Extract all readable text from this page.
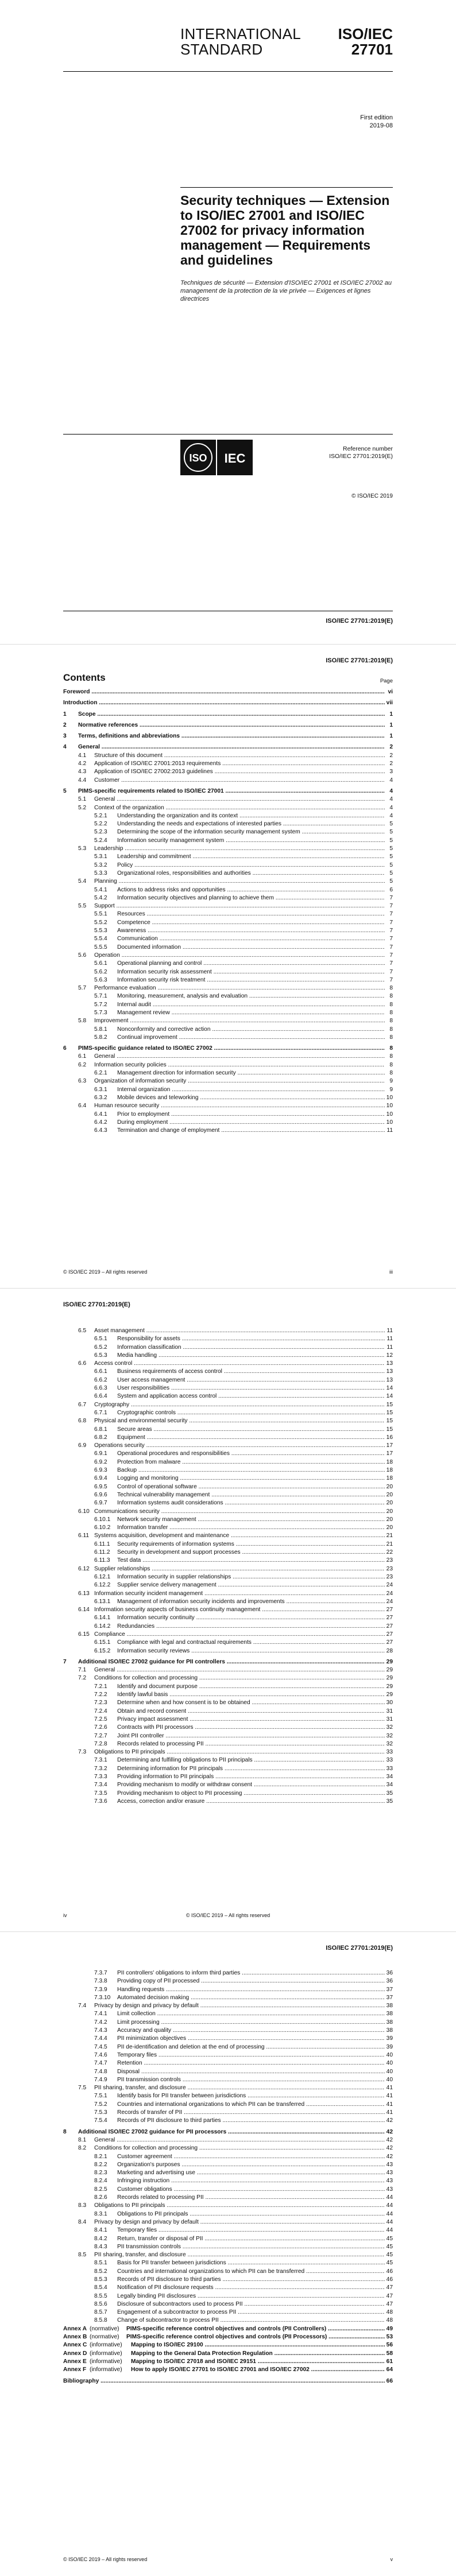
INTERNATIONAL
STANDARD
ISO/IEC
27701
First edition
2019-08
Security techniques — Extension to ISO/IEC 27001 and ISO/IEC 27002 for privacy information management — Requirements and guidelines
Techniques de sécurité — Extension d'ISO/IEC 27001 et ISO/IEC 27002 au management de la protection de la vie privée — Exigences et lignes directrices
ISO IEC
Reference number
ISO/IEC 27701:2019(E)
© ISO/IEC 2019
ISO/IEC 27701:2019(E)
ISO/IEC 27701:2019(E)
Contents	Page
Foreword .....	vi
Introduction .....	vii
1 Scope .....	1
2 Normative references .....	1
3 Terms, definitions and abbreviations .....	1
4 General .....	2
4.1 Structure of this document .....	2
4.2 Application of ISO/IEC 27001:2013 requirements .....	2
4.3 Application of ISO/IEC 27002:2013 guidelines .....	3
4.4 Customer .....	4
5 PIMS-specific requirements related to ISO/IEC 27001 .....	4
5.1 General .....	4
5.2 Context of the organization .....	4
5.2.1 Understanding the organization and its context .....	4
5.2.2 Understanding the needs and expectations of interested parties .....	5
5.2.3 Determining the scope of the information security management system .....	5
5.2.4 Information security management system .....	5
5.3 Leadership .....	5
5.3.1 Leadership and commitment .....	5
5.3.2 Policy .....	5
5.3.3 Organizational roles, responsibilities and authorities .....	5
5.4 Planning .....	5
5.4.1 Actions to address risks and opportunities .....	6
5.4.2 Information security objectives and planning to achieve them .....	7
5.5 Support .....	7
5.5.1 Resources .....	7
5.5.2 Competence .....	7
5.5.3 Awareness .....	7
5.5.4 Communication .....	7
5.5.5 Documented information .....	7
5.6 Operation .....	7
5.6.1 Operational planning and control .....	7
5.6.2 Information security risk assessment .....	7
5.6.3 Information security risk treatment .....	7
5.7 Performance evaluation .....	8
5.7.1 Monitoring, measurement, analysis and evaluation .....	8
5.7.2 Internal audit .....	8
5.7.3 Management review .....	8
5.8 Improvement .....	8
5.8.1 Nonconformity and corrective action .....	8
5.8.2 Continual improvement .....	8
6 PIMS-specific guidance related to ISO/IEC 27002 .....	8
6.1 General .....	8
6.2 Information security policies .....	8
6.2.1 Management direction for information security .....	8
6.3 Organization of information security .....	9
6.3.1 Internal organization .....	9
6.3.2 Mobile devices and teleworking .....	10
6.4 Human resource security .....	10
6.4.1 Prior to employment .....	10
6.4.2 During employment .....	10
6.4.3 Termination and change of employment .....	11
© ISO/IEC 2019 – All rights reserved	iii
ISO/IEC 27701:2019(E)
6.5 Asset management .....	11
6.5.1 Responsibility for assets .....	11
6.5.2 Information classification .....	11
6.5.3 Media handling .....	12
6.6 Access control .....	13
6.6.1 Business requirements of access control .....	13
6.6.2 User access management .....	13
6.6.3 User responsibilities .....	14
6.6.4 System and application access control .....	14
6.7 Cryptography .....	15
6.7.1 Cryptographic controls .....	15
6.8 Physical and environmental security .....	15
6.8.1 Secure areas .....	15
6.8.2 Equipment .....	16
6.9 Operations security .....	17
6.9.1 Operational procedures and responsibilities .....	17
6.9.2 Protection from malware .....	18
6.9.3 Backup .....	18
6.9.4 Logging and monitoring .....	18
6.9.5 Control of operational software .....	20
6.9.6 Technical vulnerability management .....	20
6.9.7 Information systems audit considerations .....	20
6.10 Communications security .....	20
6.10.1 Network security management .....	20
6.10.2 Information transfer .....	20
6.11 Systems acquisition, development and maintenance .....	21
6.11.1 Security requirements of information systems .....	21
6.11.2 Security in development and support processes .....	22
6.11.3 Test data .....	23
6.12 Supplier relationships .....	23
6.12.1 Information security in supplier relationships .....	23
6.12.2 Supplier service delivery management .....	24
6.13 Information security incident management .....	24
6.13.1 Management of information security incidents and improvements .....	24
6.14 Information security aspects of business continuity management .....	27
6.14.1 Information security continuity .....	27
6.14.2 Redundancies .....	27
6.15 Compliance .....	27
6.15.1 Compliance with legal and contractual requirements .....	27
6.15.2 Information security reviews .....	28
7 Additional ISO/IEC 27002 guidance for PII controllers .....	29
7.1 General .....	29
7.2 Conditions for collection and processing .....	29
7.2.1 Identify and document purpose .....	29
7.2.2 Identify lawful basis .....	29
7.2.3 Determine when and how consent is to be obtained .....	30
7.2.4 Obtain and record consent .....	31
7.2.5 Privacy impact assessment .....	31
7.2.6 Contracts with PII processors .....	32
7.2.7 Joint PII controller .....	32
7.2.8 Records related to processing PII .....	32
7.3 Obligations to PII principals .....	33
7.3.1 Determining and fulfilling obligations to PII principals .....	33
7.3.2 Determining information for PII principals .....	33
7.3.3 Providing information to PII principals .....	34
7.3.4 Providing mechanism to modify or withdraw consent .....	34
7.3.5 Providing mechanism to object to PII processing .....	35
7.3.6 Access, correction and/or erasure .....	35
iv	© ISO/IEC 2019 – All rights reserved
ISO/IEC 27701:2019(E)
7.3.7 PII controllers' obligations to inform third parties .....	36
7.3.8 Providing copy of PII processed .....	36
7.3.9 Handling requests .....	37
7.3.10 Automated decision making .....	37
7.4 Privacy by design and privacy by default .....	38
7.4.1 Limit collection .....	38
7.4.2 Limit processing .....	38
7.4.3 Accuracy and quality .....	38
7.4.4 PII minimization objectives .....	39
7.4.5 PII de-identification and deletion at the end of processing .....	39
7.4.6 Temporary files .....	40
7.4.7 Retention .....	40
7.4.8 Disposal .....	40
7.4.9 PII transmission controls .....	40
7.5 PII sharing, transfer, and disclosure .....	41
7.5.1 Identify basis for PII transfer between jurisdictions .....	41
7.5.2 Countries and international organizations to which PII can be transferred .....	41
7.5.3 Records of transfer of PII .....	41
7.5.4 Records of PII disclosure to third parties .....	42
8 Additional ISO/IEC 27002 guidance for PII processors .....	42
8.1 General .....	42
8.2 Conditions for collection and processing .....	42
8.2.1 Customer agreement .....	42
8.2.2 Organization's purposes .....	43
8.2.3 Marketing and advertising use .....	43
8.2.4 Infringing instruction .....	43
8.2.5 Customer obligations .....	43
8.2.6 Records related to processing PII .....	44
8.3 Obligations to PII principals .....	44
8.3.1 Obligations to PII principals .....	44
8.4 Privacy by design and privacy by default .....	44
8.4.1 Temporary files .....	44
8.4.2 Return, transfer or disposal of PII .....	45
8.4.3 PII transmission controls .....	45
8.5 PII sharing, transfer, and disclosure .....	45
8.5.1 Basis for PII transfer between jurisdictions .....	45
8.5.2 Countries and international organizations to which PII can be transferred .....	46
8.5.3 Records of PII disclosure to third parties .....	46
8.5.4 Notification of PII disclosure requests .....	47
8.5.5 Legally binding PII disclosures .....	47
8.5.6 Disclosure of subcontractors used to process PII .....	47
8.5.7 Engagement of a subcontractor to process PII .....	48
8.5.8 Change of subcontractor to process PII .....	48
Annex A (normative) PIMS-specific reference control objectives and controls (PII Controllers) .....	49
Annex B (normative) PIMS-specific reference control objectives and controls (PII Processors) .....	53
Annex C (informative) Mapping to ISO/IEC 29100 .....	56
Annex D (informative) Mapping to the General Data Protection Regulation .....	58
Annex E (informative) Mapping to ISO/IEC 27018 and ISO/IEC 29151 .....	61
Annex F (informative) How to apply ISO/IEC 27701 to ISO/IEC 27001 and ISO/IEC 27002 .....	64
Bibliography .....	66
© ISO/IEC 2019 – All rights reserved	v
